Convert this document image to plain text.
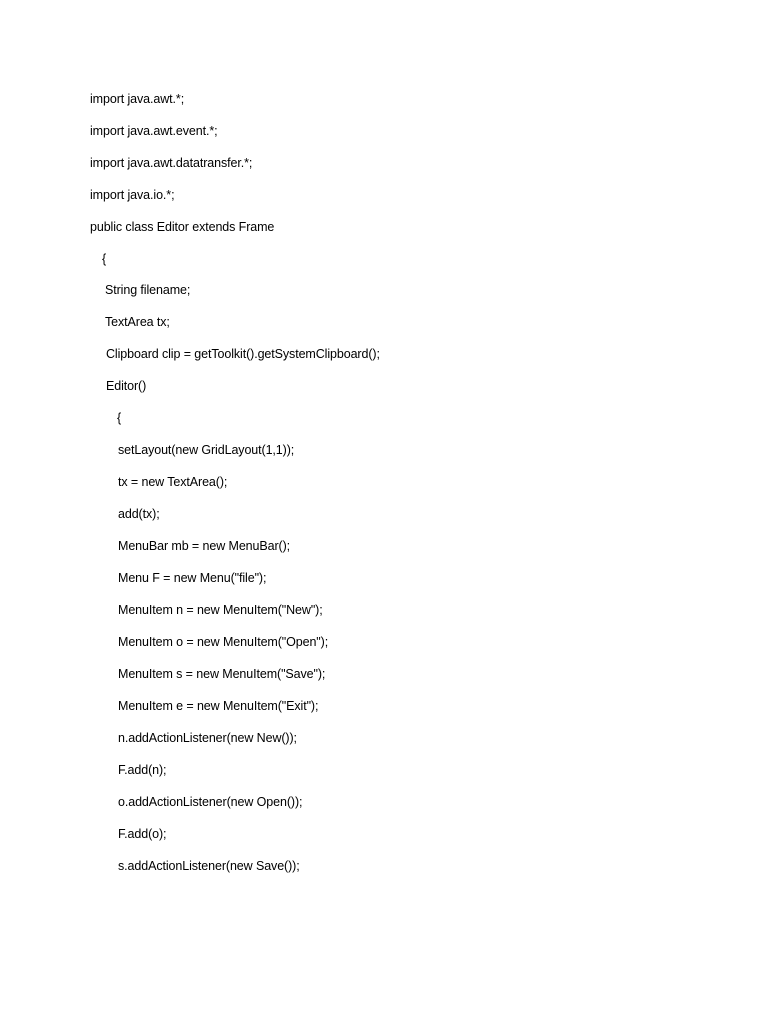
import java.awt.*;
import java.awt.event.*;
import java.awt.datatransfer.*;
import java.io.*;
public class Editor extends Frame
{
String filename;
TextArea tx;
Clipboard clip = getToolkit().getSystemClipboard();
Editor()
{
setLayout(new GridLayout(1,1));
tx = new TextArea();
add(tx);
MenuBar mb = new MenuBar();
Menu F = new Menu("file");
MenuItem n = new MenuItem("New");
MenuItem o = new MenuItem("Open");
MenuItem s = new MenuItem("Save");
MenuItem e = new MenuItem("Exit");
n.addActionListener(new New());
F.add(n);
o.addActionListener(new Open());
F.add(o);
s.addActionListener(new Save());
